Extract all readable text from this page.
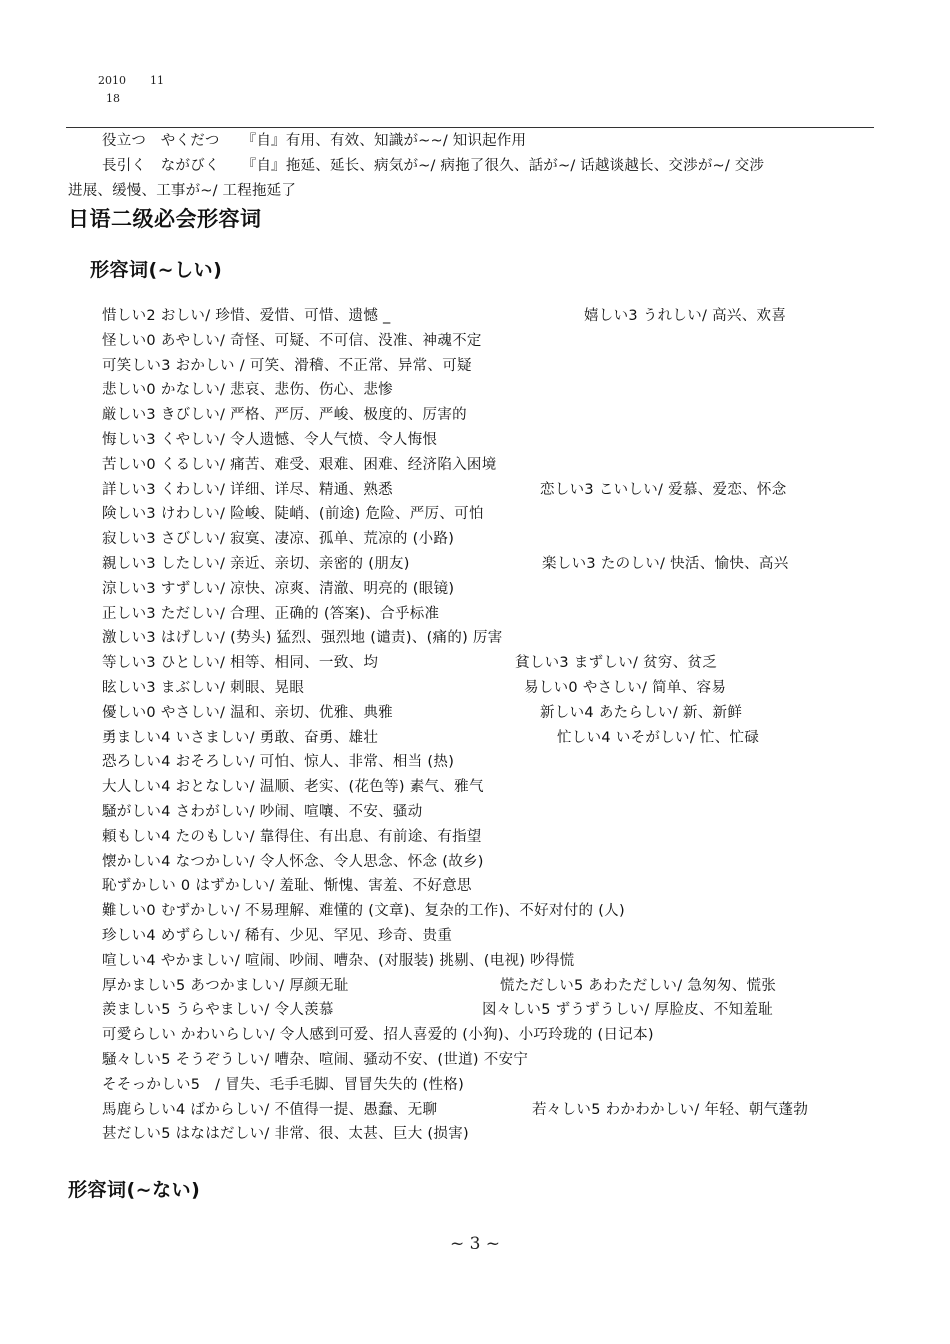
2010 11
18
役立つ　やくだつ　　『自』有用、有效、知識が~~/ 知识起作用
長引く　ながびく　　『自』拖延、延长、病気が~/ 病拖了很久、話が~/ 话越谈越长、交渉が~/ 交涉
进展、缓慢、工事が~/ 工程拖延了
日语二级必会形容词
形容词(~しい)
惜しい2 おしい/ 珍惜、爱惜、可惜、遗憾 _	嬉しい3 うれしい/ 高兴、欢喜
怪しい0 あやしい/ 奇怪、可疑、不可信、没准、神魂不定
可笑しい3 おかしい / 可笑、滑稽、不正常、异常、可疑
悲しい0 かなしい/ 悲哀、悲伤、伤心、悲惨
厳しい3 きびしい/ 严格、严厉、严峻、极度的、厉害的
悔しい3 くやしい/ 令人遗憾、令人气愤、令人悔恨
苦しい0 くるしい/ 痛苦、难受、艰难、困难、经济陷入困境
詳しい3 くわしい/ 详细、详尽、精通、熟悉	恋しい3 こいしい/ 爱慕、爱恋、怀念
険しい3 けわしい/ 险峻、陡峭、(前途) 危险、严厉、可怕
寂しい3 さびしい/ 寂寞、凄凉、孤单、荒凉的 (小路)
親しい3 したしい/ 亲近、亲切、亲密的 (朋友)	楽しい3 たのしい/ 快活、愉快、高兴
涼しい3 すずしい/ 凉快、凉爽、清澈、明亮的 (眼镜)
正しい3 ただしい/ 合理、正确的 (答案)、合乎标准
激しい3 はげしい/ (势头) 猛烈、强烈地 (谴责)、(痛的) 厉害
等しい3 ひとしい/ 相等、相同、一致、均	貧しい3 まずしい/ 贫穷、贫乏
眩しい3 まぶしい/ 刺眼、晃眼	易しい0 やさしい/ 简单、容易
優しい0 やさしい/ 温和、亲切、优雅、典雅	新しい4 あたらしい/ 新、新鲜
勇ましい4 いさましい/ 勇敢、奋勇、雄壮	忙しい4 いそがしい/ 忙、忙碌
恐ろしい4 おそろしい/ 可怕、惊人、非常、相当 (热)
大人しい4 おとなしい/ 温顺、老实、(花色等) 素气、雅气
騒がしい4 さわがしい/ 吵闹、喧嚷、不安、骚动
頼もしい4 たのもしい/ 靠得住、有出息、有前途、有指望
懐かしい4 なつかしい/ 令人怀念、令人思念、怀念 (故乡)
恥ずかしい 0 はずかしい/ 羞耻、惭愧、害羞、不好意思
難しい0 むずかしい/ 不易理解、难懂的 (文章)、复杂的工作)、不好对付的 (人)
珍しい4 めずらしい/ 稀有、少见、罕见、珍奇、贵重
喧しい4 やかましい/ 喧闹、吵闹、嘈杂、(对服装) 挑剔、(电视) 吵得慌
厚かましい5 あつかましい/ 厚颜无耻	慌ただしい5 あわただしい/ 急匆匆、慌张
羨ましい5 うらやましい/ 令人羡慕	図々しい5 ずうずうしい/ 厚脸皮、不知羞耻
可愛らしい かわいらしい/ 令人感到可爱、招人喜爱的 (小狗)、小巧玲珑的 (日记本)
騒々しい5 そうぞうしい/ 嘈杂、喧闹、骚动不安、(世道) 不安宁
そそっかしい5　/ 冒失、毛手毛脚、冒冒失失的 (性格)
馬鹿らしい4 ばからしい/ 不值得一提、愚蠢、无聊	若々しい5 わかわかしい/ 年轻、朝气蓬勃
甚だしい5 はなはだしい/ 非常、很、太甚、巨大 (损害)
形容词(~ない)
~ 3 ~
